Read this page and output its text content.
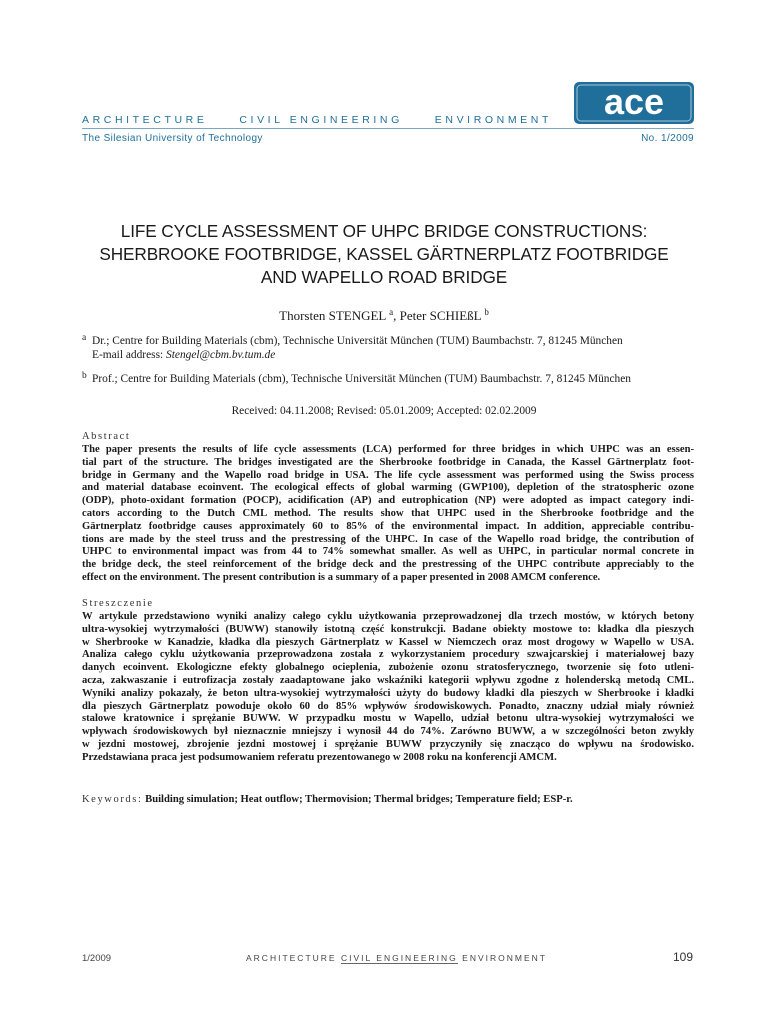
ARCHITECTURE	CIVIL ENGINEERING	ENVIRONMENT
The Silesian University of Technology	No. 1/2009
ace
LIFE CYCLE ASSESSMENT OF UHPC BRIDGE CONSTRUCTIONS:
SHERBROOKE FOOTBRIDGE, KASSEL GÄRTNERPLATZ FOOTBRIDGE
AND WAPELLO ROAD BRIDGE
Thorsten STENGEL $^a$, Peter SCHIEßL $^b$
a Dr.; Centre for Building Materials (cbm), Technische Universität München (TUM) Baumbachstr. 7, 81245 München
E-mail address: Stengel@cbm.bv.tum.de
b Prof.; Centre for Building Materials (cbm), Technische Universität München (TUM) Baumbachstr. 7, 81245 München
Received: 04.11.2008; Revised: 05.01.2009; Accepted: 02.02.2009
Abstract
The paper presents the results of life cycle assessments (LCA) performed for three bridges in which UHPC was an essen-
tial part of the structure. The bridges investigated are the Sherbrooke footbridge in Canada, the Kassel Gärtnerplatz foot-
bridge in Germany and the Wapello road bridge in USA. The life cycle assessment was performed using the Swiss process
and material database ecoinvent. The ecological effects of global warming (GWP100), depletion of the stratospheric ozone
(ODP), photo-oxidant formation (POCP), acidification (AP) and eutrophication (NP) were adopted as impact category indi-
cators according to the Dutch CML method. The results show that UHPC used in the Sherbrooke footbridge and the
Gärtnerplatz footbridge causes approximately 60 to 85% of the environmental impact. In addition, appreciable contribu-
tions are made by the steel truss and the prestressing of the UHPC. In case of the Wapello road bridge, the contribution of
UHPC to environmental impact was from 44 to 74% somewhat smaller. As well as UHPC, in particular normal concrete in
the bridge deck, the steel reinforcement of the bridge deck and the prestressing of the UHPC contribute appreciably to the
effect on the environment. The present contribution is a summary of a paper presented in 2008 AMCM conference.
Streszczenie
W artykule przedstawiono wyniki analizy całego cyklu użytkowania przeprowadzonej dla trzech mostów, w których betony
ultra-wysokiej wytrzymałości (BUWW) stanowiły istotną część konstrukcji. Badane obiekty mostowe to: kładka dla pieszych
w Sherbrooke w Kanadzie, kładka dla pieszych Gärtnerplatz w Kassel w Niemczech oraz most drogowy w Wapello w USA.
Analiza całego cyklu użytkowania przeprowadzona została z wykorzystaniem procedury szwajcarskiej i materiałowej bazy
danych ecoinvent. Ekologiczne efekty globalnego ocieplenia, zubożenie ozonu stratosferycznego, tworzenie się foto utleni-
acza, zakwaszanie i eutrofizacja zostały zaadaptowane jako wskaźniki kategorii wpływu zgodne z holenderską metodą CML.
Wyniki analizy pokazały, że beton ultra-wysokiej wytrzymałości użyty do budowy kładki dla pieszych w Sherbrooke i kładki
dla pieszych Gärtnerplatz powoduje około 60 do 85% wpływów środowiskowych. Ponadto, znaczny udział miały również
stalowe kratownice i sprężanie BUWW. W przypadku mostu w Wapello, udział betonu ultra-wysokiej wytrzymałości we
wpływach środowiskowych był nieznacznie mniejszy i wynosił 44 do 74%. Zarówno BUWW, a w szczególności beton zwykły
w jezdni mostowej, zbrojenie jezdni mostowej i sprężanie BUWW przyczyniły się znacząco do wpływu na środowisko.
Przedstawiana praca jest podsumowaniem referatu prezentowanego w 2008 roku na konferencji AMCM.
Keywords: Building simulation; Heat outflow; Thermovision; Thermal bridges; Temperature field; ESP-r.
1/2009	ARCHITECTURE CIVIL ENGINEERING ENVIRONMENT	109
